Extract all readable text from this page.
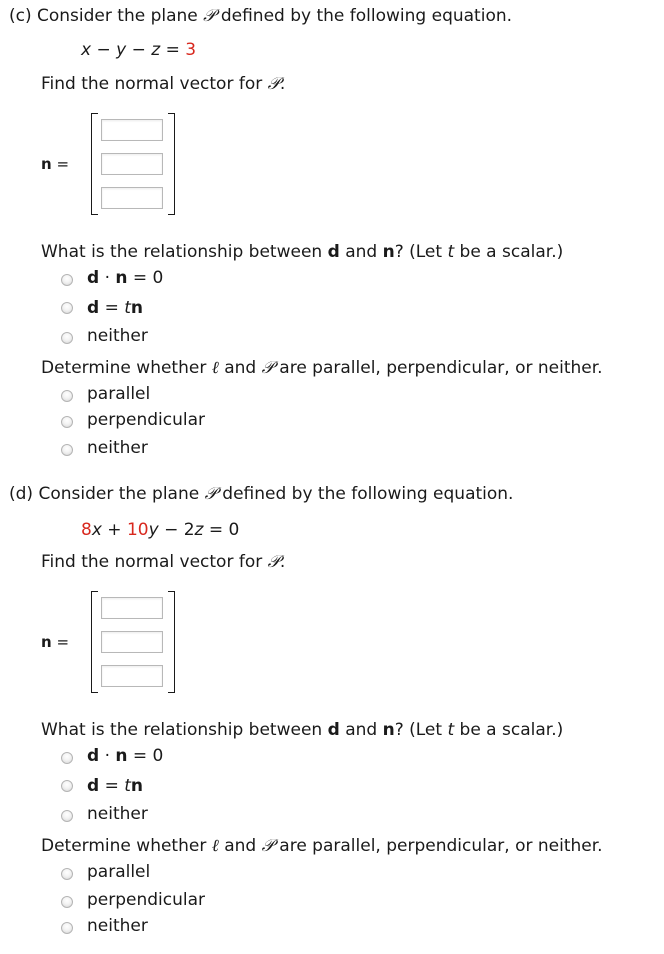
(c) Consider the plane 𝒫 defined by the following equation.
x − y − z = 3
Find the normal vector for 𝒫.
n =
What is the relationship between d and n? (Let t be a scalar.)
d · n = 0
d = tn
neither
Determine whether ℓ and 𝒫 are parallel, perpendicular, or neither.
parallel
perpendicular
neither
(d) Consider the plane 𝒫 defined by the following equation.
8x + 10y − 2z = 0
Find the normal vector for 𝒫.
n =
What is the relationship between d and n? (Let t be a scalar.)
d · n = 0
d = tn
neither
Determine whether ℓ and 𝒫 are parallel, perpendicular, or neither.
parallel
perpendicular
neither
